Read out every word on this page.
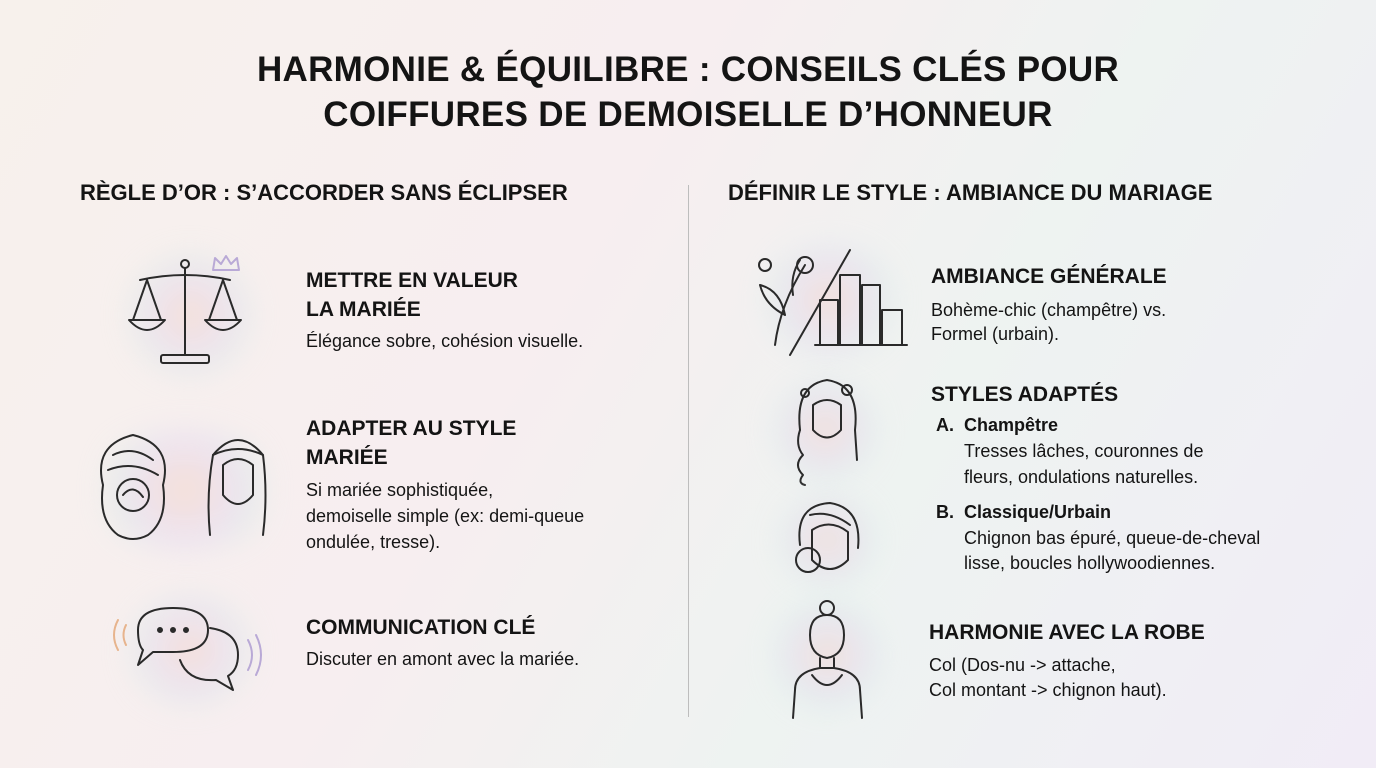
HARMONIE & ÉQUILIBRE : CONSEILS CLÉS POUR
COIFFURES DE DEMOISELLE D’HONNEUR
RÈGLE D’OR : S’ACCORDER SANS ÉCLIPSER	DÉFINIR LE STYLE : AMBIANCE DU MARIAGE
METTRE EN VALEUR
LA MARIÉE
Élégance sobre, cohésion visuelle.
ADAPTER AU STYLE
MARIÉE
Si mariée sophistiquée,
demoiselle simple (ex: demi-queue
ondulée, tresse).
COMMUNICATION CLÉ
Discuter en amont avec la mariée.
AMBIANCE GÉNÉRALE
Bohème-chic (champêtre) vs.
Formel (urbain).
STYLES ADAPTÉS
A. Champêtre
Tresses lâches, couronnes de
fleurs, ondulations naturelles.
B. Classique/Urbain
Chignon bas épuré, queue-de-cheval
lisse, boucles hollywoodiennes.
HARMONIE AVEC LA ROBE
Col (Dos-nu -> attache,
Col montant -> chignon haut).
